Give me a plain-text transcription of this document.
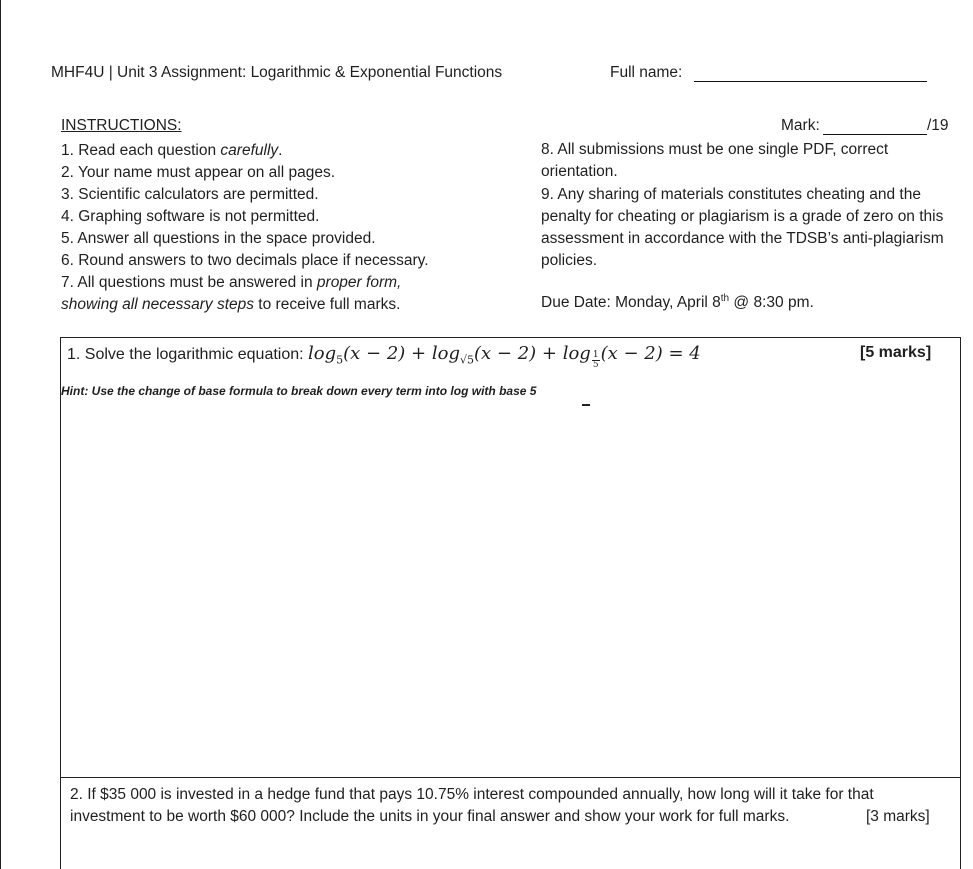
MHF4U | Unit 3 Assignment: Logarithmic & Exponential Functions	Full name:
INSTRUCTIONS:	Mark:	/19
1. Read each question carefully.
2. Your name must appear on all pages.
3. Scientific calculators are permitted.
4. Graphing software is not permitted.
5. Answer all questions in the space provided.
6. Round answers to two decimals place if necessary.
7. All questions must be answered in proper form,
showing all necessary steps to receive full marks.
8. All submissions must be one single PDF, correct orientation.
9. Any sharing of materials constitutes cheating and the penalty for cheating or plagiarism is a grade of zero on this assessment in accordance with the TDSB’s anti-plagiarism policies.
Due Date: Monday, April 8th @ 8:30 pm.
1. Solve the logarithmic equation: $\log_5(x - 2) + \log_{√5}(x - 2) + \log \frac{1}{5} (x - 2) = 4$	[5 marks]
Hint: Use the change of base formula to break down every term into log with base 5
2. If $35 000 is invested in a hedge fund that pays 10.75% interest compounded annually, how long will it take for that
investment to be worth $60 000? Include the units in your final answer and show your work for full marks.	[3 marks]
